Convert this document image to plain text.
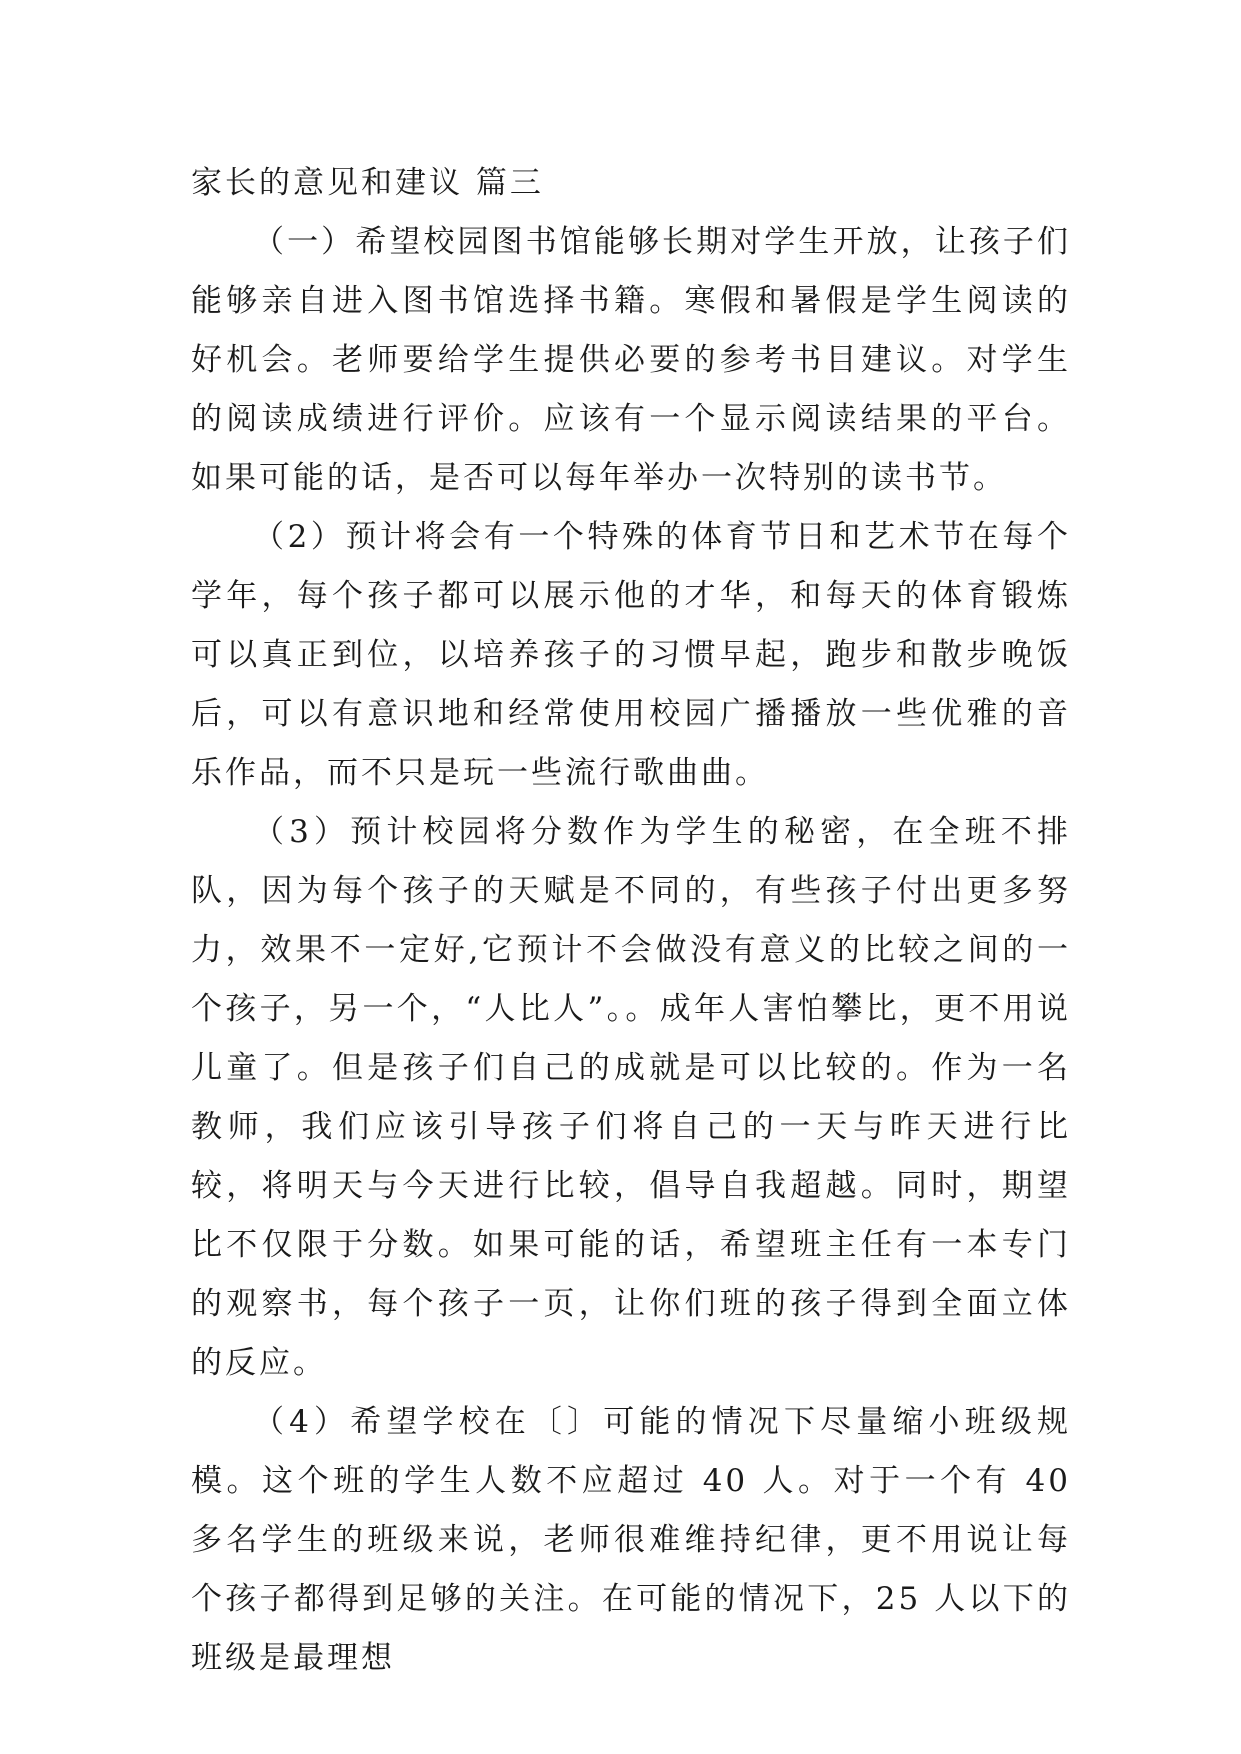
家长的意见和建议 篇三

（一）希望校园图书馆能够长期对学生开放，让孩子们能够亲自进入图书馆选择书籍。寒假和暑假是学生阅读的好机会。老师要给学生提供必要的参考书目建议。对学生的阅读成绩进行评价。应该有一个显示阅读结果的平台。如果可能的话，是否可以每年举办一次特别的读书节。

（2）预计将会有一个特殊的体育节日和艺术节在每个学年，每个孩子都可以展示他的才华，和每天的体育锻炼可以真正到位，以培养孩子的习惯早起，跑步和散步晚饭后，可以有意识地和经常使用校园广播播放一些优雅的音乐作品，而不只是玩一些流行歌曲曲。

（3）预计校园将分数作为学生的秘密，在全班不排队，因为每个孩子的天赋是不同的，有些孩子付出更多努力，效果不一定好,它预计不会做没有意义的比较之间的一个孩子，另一个，“人比人”。。成年人害怕攀比，更不用说儿童了。但是孩子们自己的成就是可以比较的。作为一名教师，我们应该引导孩子们将自己的一天与昨天进行比较，将明天与今天进行比较，倡导自我超越。同时，期望比不仅限于分数。如果可能的话，希望班主任有一本专门的观察书，每个孩子一页，让你们班的孩子得到全面立体的反应。

（4）希望学校在〔〕可能的情况下尽量缩小班级规模。这个班的学生人数不应超过 40 人。对于一个有 40 多名学生的班级来说，老师很难维持纪律，更不用说让每个孩子都得到足够的关注。在可能的情况下，25 人以下的班级是最理想
